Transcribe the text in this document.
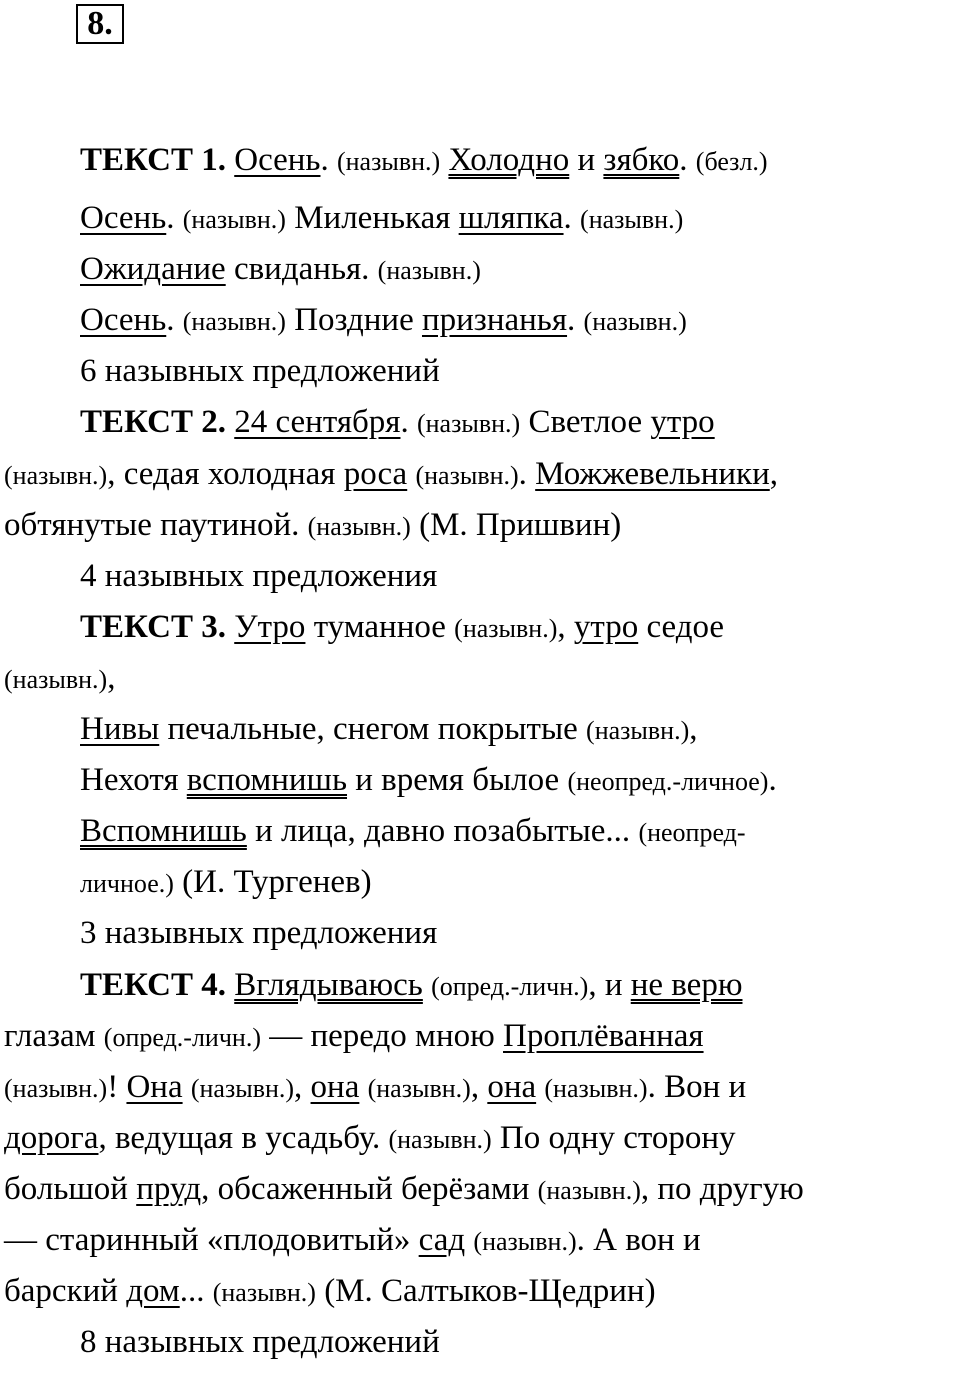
8.
ТЕКСТ 1. Осень. (назывн.) Холодно и зябко. (безл.)
Осень. (назывн.) Миленькая шляпка. (назывн.)
Ожидание свиданья. (назывн.)
Осень. (назывн.) Поздние признанья. (назывн.)
6 назывных предложений
ТЕКСТ 2. 24 сентября. (назывн.) Светлое утро
(назывн.), седая холодная роса (назывн.). Можжевельники,
обтянутые паутиной. (назывн.) (М. Пришвин)
4 назывных предложения
ТЕКСТ 3. Утро туманное (назывн.), утро седое
(назывн.),
Нивы печальные, снегом покрытые (назывн.),
Нехотя вспомнишь и время былое (неопред.-личное).
Вспомнишь и лица, давно позабытые... (неопред-
личное.) (И. Тургенев)
3 назывных предложения
ТЕКСТ 4. Вглядываюсь (опред.-личн.), и не верю
глазам (опред.-личн.) — передо мною Проплёванная
(назывн.)! Она (назывн.), она (назывн.), она (назывн.). Вон и
дорога, ведущая в усадьбу. (назывн.) По одну сторону
большой пруд, обсаженный берёзами (назывн.), по другую
— старинный «плодовитый» сад (назывн.). А вон и
барский дом... (назывн.) (М. Салтыков-Щедрин)
8 назывных предложений
